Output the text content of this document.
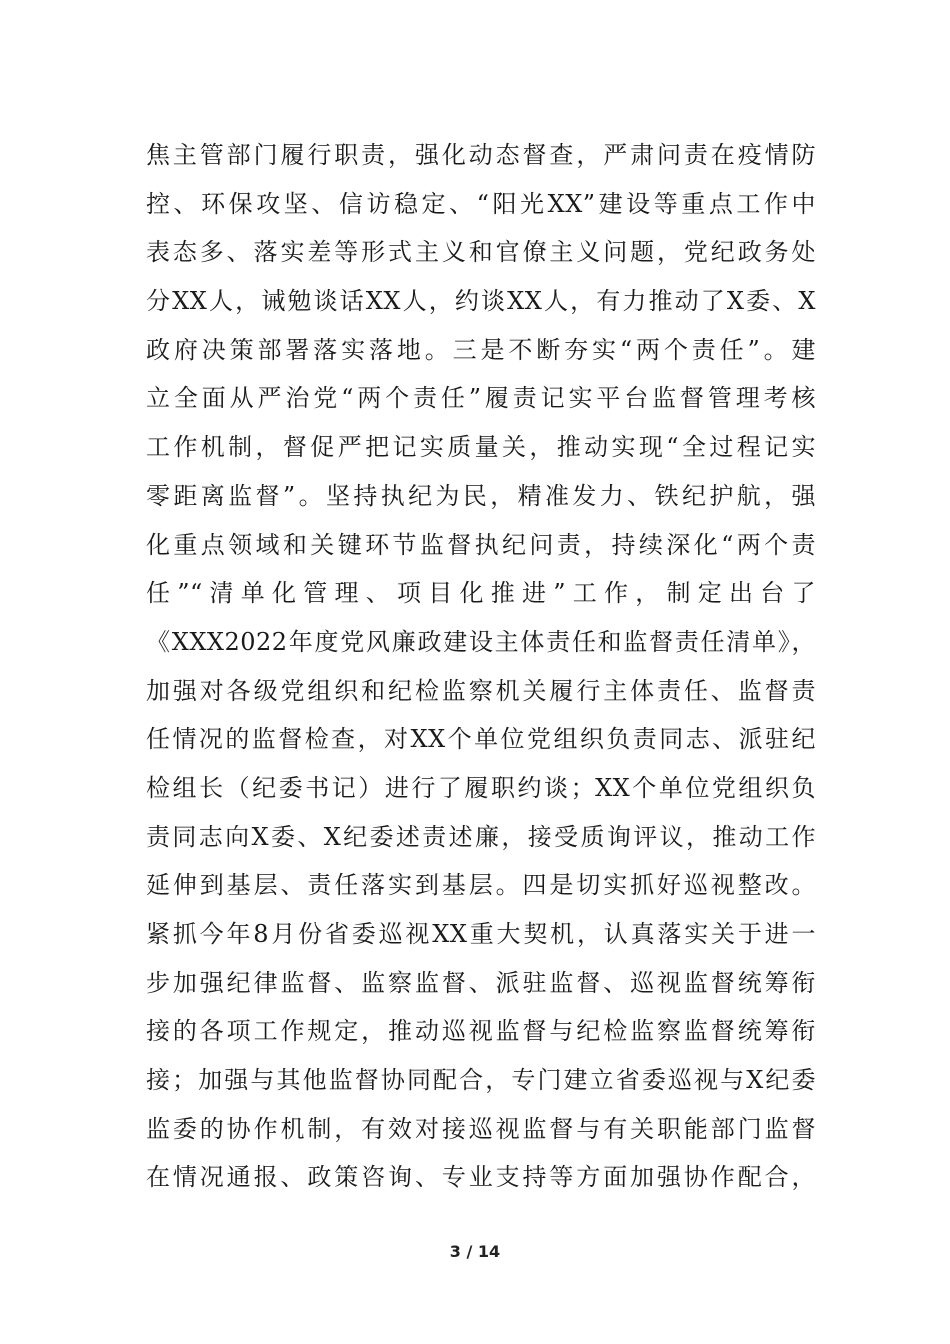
焦主管部门履行职责，强化动态督查，严肃问责在疫情防
控、环保攻坚、信访稳定、“阳光XX”建设等重点工作中
表态多、落实差等形式主义和官僚主义问题，党纪政务处
分XX人，诫勉谈话XX人，约谈XX人，有力推动了X委、X
政府决策部署落实落地。三是不断夯实“两个责任”。建
立全面从严治党“两个责任”履责记实平台监督管理考核
工作机制，督促严把记实质量关，推动实现“全过程记实
零距离监督”。坚持执纪为民，精准发力、铁纪护航，强
化重点领域和关键环节监督执纪问责，持续深化“两个责
任”“清单化管理、项目化推进”工作，制定出台了
《XXX2022年度党风廉政建设主体责任和监督责任清单》，
加强对各级党组织和纪检监察机关履行主体责任、监督责
任情况的监督检查，对XX个单位党组织负责同志、派驻纪
检组长（纪委书记）进行了履职约谈；XX个单位党组织负
责同志向X委、X纪委述责述廉，接受质询评议，推动工作
延伸到基层、责任落实到基层。四是切实抓好巡视整改。
紧抓今年8月份省委巡视XX重大契机，认真落实关于进一
步加强纪律监督、监察监督、派驻监督、巡视监督统筹衔
接的各项工作规定，推动巡视监督与纪检监察监督统筹衔
接；加强与其他监督协同配合，专门建立省委巡视与X纪委
监委的协作机制，有效对接巡视监督与有关职能部门监督
在情况通报、政策咨询、专业支持等方面加强协作配合，
3 / 14
